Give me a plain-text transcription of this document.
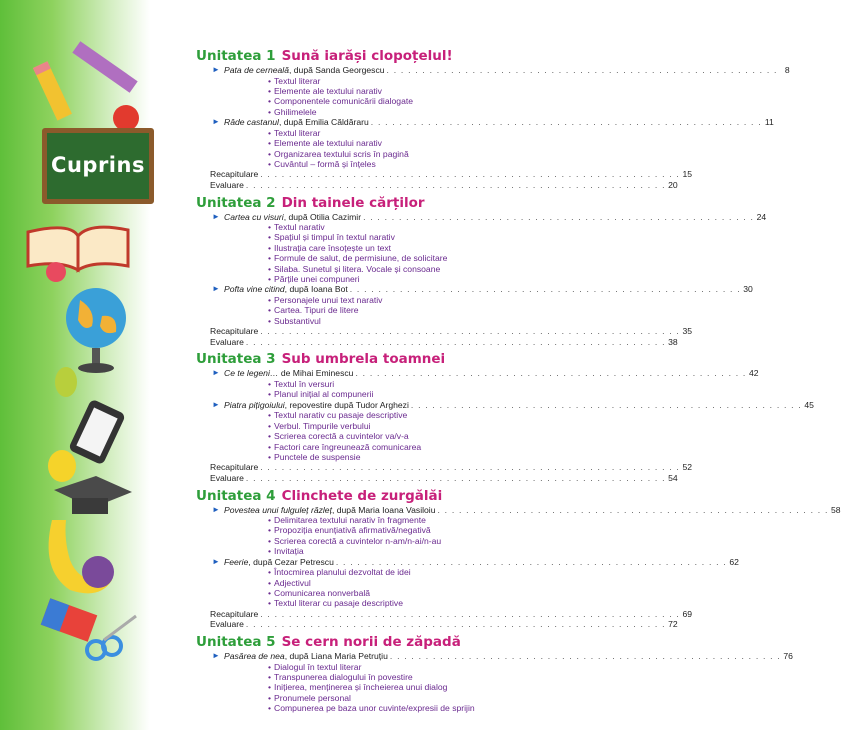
Cuprins
Unitatea 1 Sună iarăși clopoțelul!
► Pata de cerneală, după Sanda Georgescu . . . . . . . . . . . . . . . . . . . . . . . . . . . . . . . . . . . . . . . . . . . . . . . . . . . . . . . 8
• Textul literar
• Elemente ale textului narativ
• Componentele comunicării dialogate
• Ghilimelele
► Râde castanul, după Emilia Căldăraru . . . . . . . . . . . . . . . . . . . . . . . . . . . . . . . . . . . . . . . . . . . . . . . . . . . . . . . 11
• Textul literar
• Elemente ale textului narativ
• Organizarea textului scris în pagină
• Cuvântul – formă și înțeles
Recapitulare . . . . . . . . . . . . . . . . . . . . . . . . . . . . . . . . . . . . . . . . . . . . . . . . . . . . . . . . . . . 15
Evaluare . . . . . . . . . . . . . . . . . . . . . . . . . . . . . . . . . . . . . . . . . . . . . . . . . . . . . . . . . . . 20
Unitatea 2 Din tainele cărților
► Cartea cu visuri, după Otilia Cazimir . . . . . . . . . . . . . . . . . . . . . . . . . . . . . . . . . . . . . . . . . . . . . . . . . . . . . . . 24
• Textul narativ
• Spațiul și timpul în textul narativ
• Ilustrația care însoțește un text
• Formule de salut, de permisiune, de solicitare
• Silaba. Sunetul și litera. Vocale și consoane
• Părțile unei compuneri
► Pofta vine citind, după Ioana Bot . . . . . . . . . . . . . . . . . . . . . . . . . . . . . . . . . . . . . . . . . . . . . . . . . . . . . . . 30
• Personajele unui text narativ
• Cartea. Tipuri de litere
• Substantivul
Recapitulare . . . . . . . . . . . . . . . . . . . . . . . . . . . . . . . . . . . . . . . . . . . . . . . . . . . . . . . . . . . 35
Evaluare . . . . . . . . . . . . . . . . . . . . . . . . . . . . . . . . . . . . . . . . . . . . . . . . . . . . . . . . . . . 38
Unitatea 3 Sub umbrela toamnei
► Ce te legeni… de Mihai Eminescu . . . . . . . . . . . . . . . . . . . . . . . . . . . . . . . . . . . . . . . . . . . . . . . . . . . . . . . 42
• Textul în versuri
• Planul inițial al compunerii
► Piatra pițigoiului, repovestire după Tudor Arghezi . . . . . . . . . . . . . . . . . . . . . . . . . . . . . . . . . . . . . . . . . . . . . . . . . . . . . . . 45
• Textul narativ cu pasaje descriptive
• Verbul. Timpurile verbului
• Scrierea corectă a cuvintelor va/v-a
• Factori care îngreunează comunicarea
• Punctele de suspensie
Recapitulare . . . . . . . . . . . . . . . . . . . . . . . . . . . . . . . . . . . . . . . . . . . . . . . . . . . . . . . . . . . 52
Evaluare . . . . . . . . . . . . . . . . . . . . . . . . . . . . . . . . . . . . . . . . . . . . . . . . . . . . . . . . . . . 54
Unitatea 4 Clinchete de zurgălăi
► Povestea unui fulguleț răzleț, după Maria Ioana Vasiloiu . . . . . . . . . . . . . . . . . . . . . . . . . . . . . . . . . . . . . . . . . . . . . . . . . . . . . . . 58
• Delimitarea textului narativ în fragmente
• Propoziția enunțiativă afirmativă/negativă
• Scrierea corectă a cuvintelor n-am/n-ai/n-au
• Invitația
► Feerie, după Cezar Petrescu . . . . . . . . . . . . . . . . . . . . . . . . . . . . . . . . . . . . . . . . . . . . . . . . . . . . . . . 62
• Întocmirea planului dezvoltat de idei
• Adjectivul
• Comunicarea nonverbală
• Textul literar cu pasaje descriptive
Recapitulare . . . . . . . . . . . . . . . . . . . . . . . . . . . . . . . . . . . . . . . . . . . . . . . . . . . . . . . . . . . 69
Evaluare . . . . . . . . . . . . . . . . . . . . . . . . . . . . . . . . . . . . . . . . . . . . . . . . . . . . . . . . . . . 72
Unitatea 5 Se cern norii de zăpadă
► Pasărea de nea, după Liana Maria Petruțiu . . . . . . . . . . . . . . . . . . . . . . . . . . . . . . . . . . . . . . . . . . . . . . . . . . . . . . . 76
• Dialogul în textul literar
• Transpunerea dialogului în povestire
• Inițierea, menținerea și încheierea unui dialog
• Pronumele personal
• Compunerea pe baza unor cuvinte/expresii de sprijin
